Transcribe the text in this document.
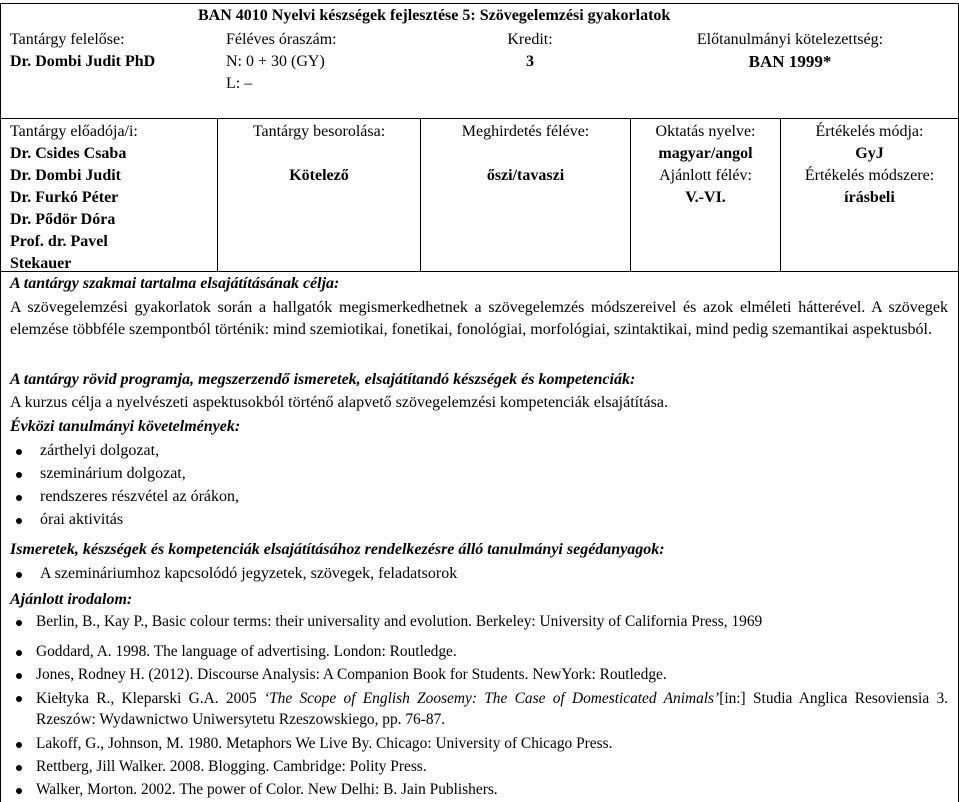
BAN 4010 Nyelvi készségek fejlesztése 5: Szövegelemzési gyakorlatok
Tantárgy felelőse:
Dr. Dombi Judit PhD
Féléves óraszám:
N: 0 + 30 (GY)
L: –
Kredit:
3
Előtanulmányi kötelezettség:
BAN 1999*
Tantárgy előadója/i:
Dr. Csides Csaba
Dr. Dombi Judit
Dr. Furkó Péter
Dr. Pődör Dóra
Prof. dr. Pavel
Stekauer
Tantárgy besorolása:
Kötelező
Meghirdetés féléve:
őszi/tavaszi
Oktatás nyelve:
magyar/angol
Ajánlott félév:
V.-VI.
Értékelés módja:
GyJ
Értékelés módszere:
írásbeli
A tantárgy szakmai tartalma elsajátításának célja:
A szövegelemzési gyakorlatok során a hallgatók megismerkedhetnek a szövegelemzés módszereivel és azok elméleti hátterével. A szövegek elemzése többféle szempontból történik: mind szemiotikai, fonetikai, fonológiai, morfológiai, szintaktikai, mind pedig szemantikai aspektusból.
A tantárgy rövid programja, megszerzendő ismeretek, elsajátítandó készségek és kompetenciák:
A kurzus célja a nyelvészeti aspektusokból történő alapvető szövegelemzési kompetenciák elsajátítása.
Évközi tanulmányi követelmények:
zárthelyi dolgozat,
szeminárium dolgozat,
rendszeres részvétel az órákon,
órai aktivitás
Ismeretek, készségek és kompetenciák elsajátításához rendelkezésre álló tanulmányi segédanyagok:
A szemináriumhoz kapcsolódó jegyzetek, szövegek, feladatsorok
Ajánlott irodalom:
Berlin, B., Kay P., Basic colour terms: their universality and evolution. Berkeley: University of California Press, 1969
Goddard, A. 1998. The language of advertising. London: Routledge.
Jones, Rodney H. (2012). Discourse Analysis: A Companion Book for Students. NewYork: Routledge.
Kiełtyka R., Kleparski G.A. 2005 ‘The Scope of English Zoosemy: The Case of Domesticated Animals’[in:] Studia Anglica Resoviensia 3. Rzeszów: Wydawnictwo Uniwersytetu Rzeszowskiego, pp. 76-87.
Lakoff, G., Johnson, M. 1980. Metaphors We Live By. Chicago: University of Chicago Press.
Rettberg, Jill Walker. 2008. Blogging. Cambridge: Polity Press.
Walker, Morton. 2002. The power of Color. New Delhi: B. Jain Publishers.
